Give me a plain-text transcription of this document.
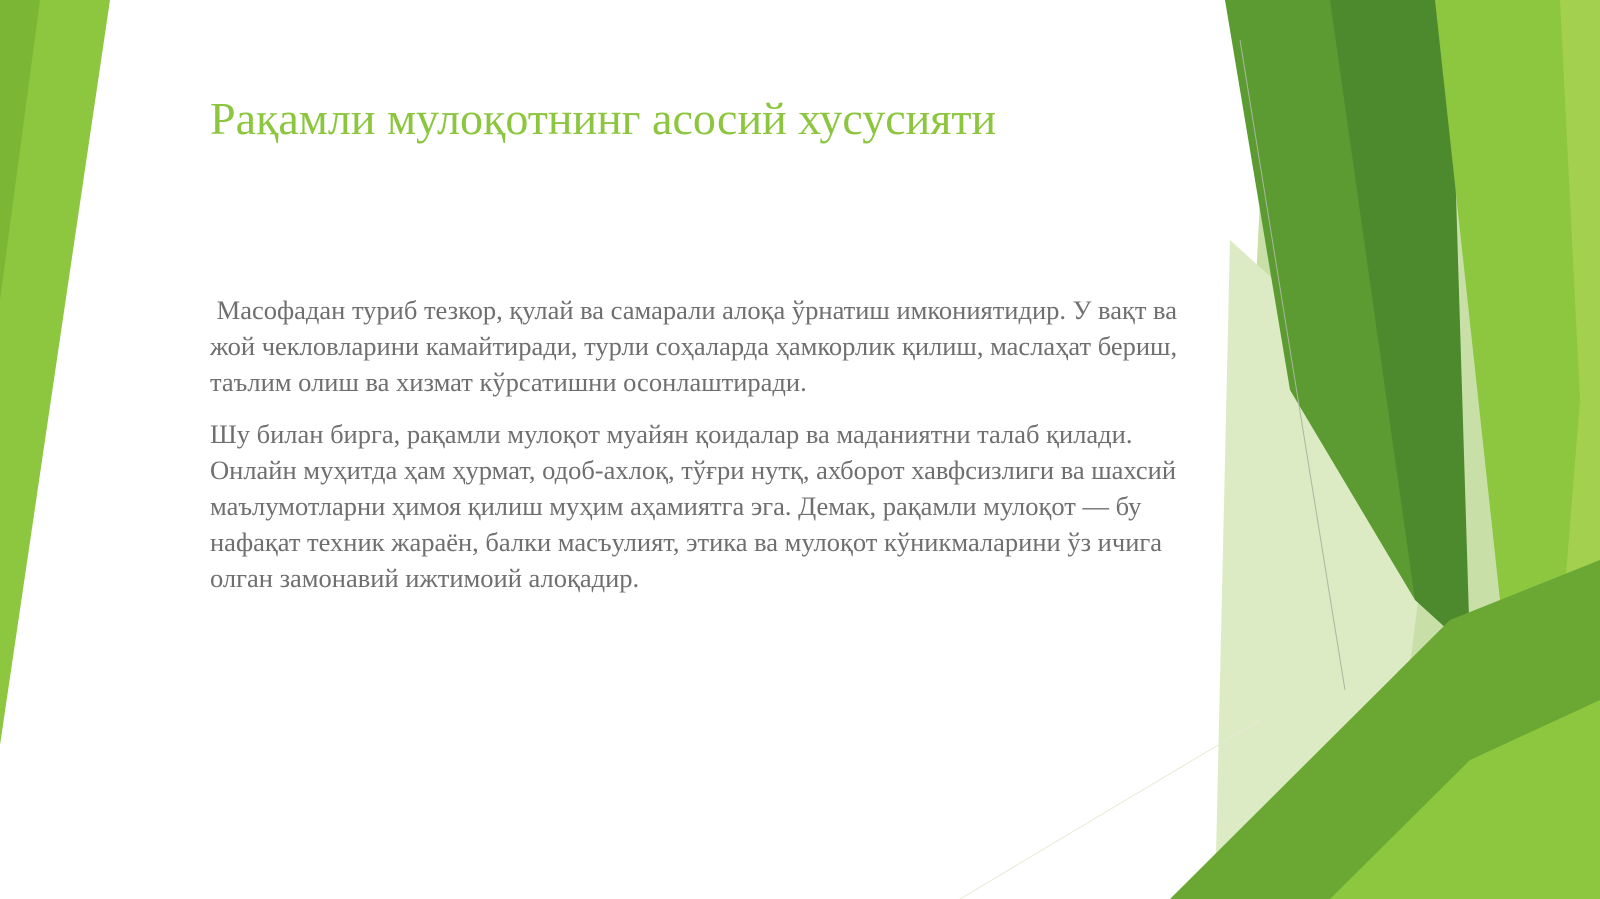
Рақамли мулоқотнинг асосий хусусияти

Масофадан туриб тезкор, қулай ва самарали алоқа ўрнатиш имкониятидир. У вақт ва жой чекловларини камайтиради, турли соҳаларда ҳамкорлик қилиш, маслаҳат бериш, таълим олиш ва хизмат кўрсатишни осонлаштиради.

Шу билан бирга, рақамли мулоқот муайян қоидалар ва маданиятни талаб қилади. Онлайн муҳитда ҳам ҳурмат, одоб-ахлоқ, тўғри нутқ, ахборот хавфсизлиги ва шахсий маълумотларни ҳимоя қилиш муҳим аҳамиятга эга. Демак, рақамли мулоқот — бу нафақат техник жараён, балки масъулият, этика ва мулоқот кўникмаларини ўз ичига олган замонавий ижтимоий алоқадир.
